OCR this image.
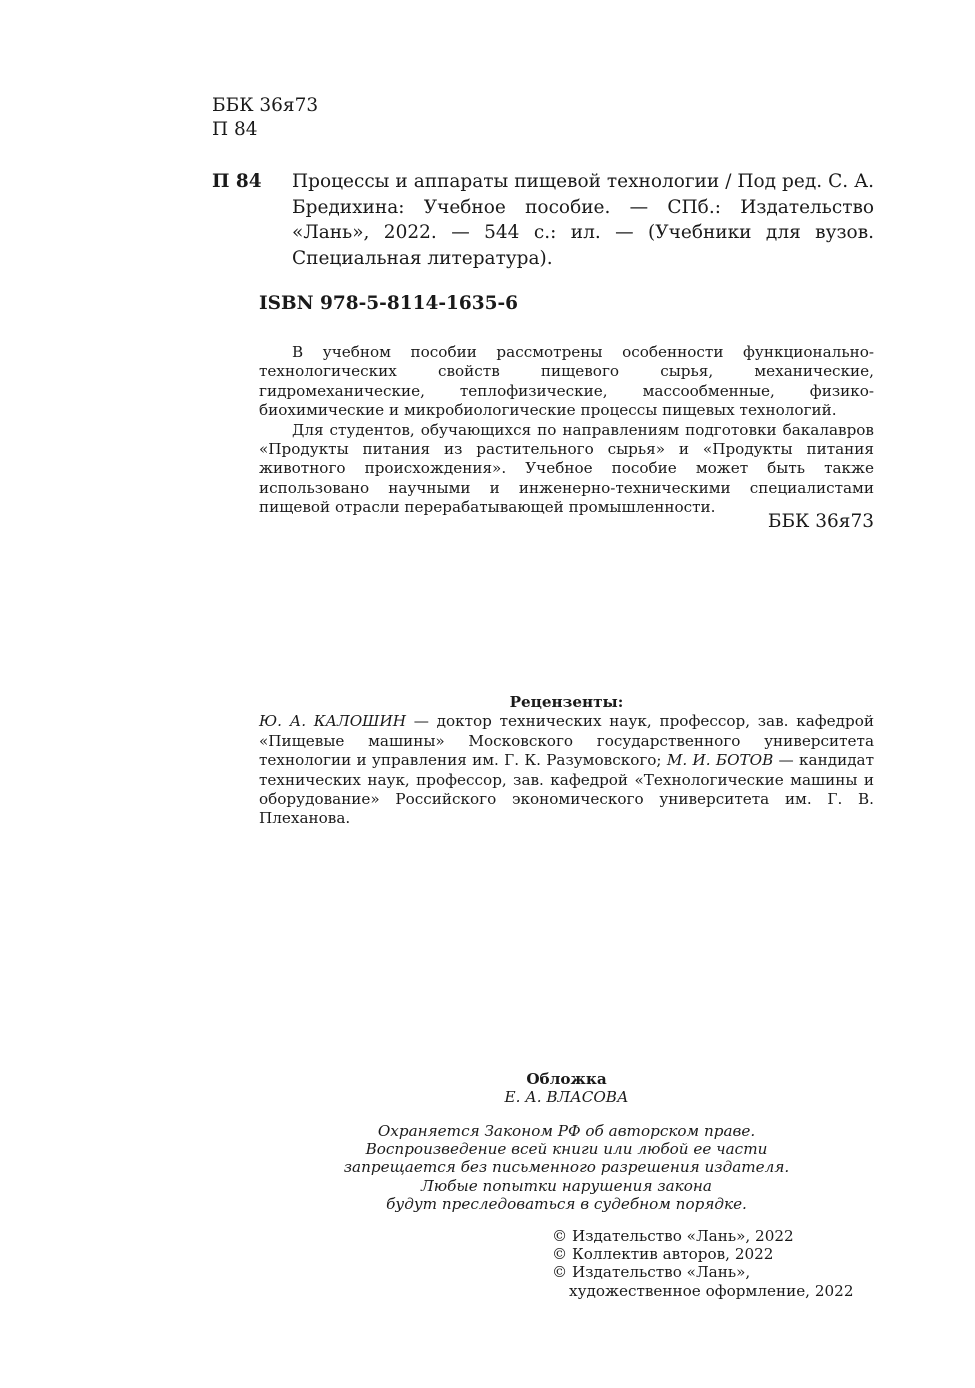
ББК 36я73
П 84
П 84 Процессы и аппараты пищевой технологии / Под ред. С. А. Бредихина: Учебное пособие. — СПб.: Издательство «Лань», 2022. — 544 с.: ил. — (Учебники для вузов. Специальная литература).
ISBN 978-5-8114-1635-6

В учебном пособии рассмотрены особенности функционально-технологических свойств пищевого сырья, механические, гидромеханические, теплофизические, массообменные, физико-биохимические и микробиологические процессы пищевых технологий.

Для студентов, обучающихся по направлениям подготовки бакалавров «Продукты питания из растительного сырья» и «Продукты питания животного происхождения». Учебное пособие может быть также использовано научными и инженерно-техническими специалистами пищевой отрасли перерабатывающей промышленности.

ББК 36я73
Рецензенты:
Ю. А. КАЛОШИН — доктор технических наук, профессор, зав. кафедрой «Пищевые машины» Московского государственного университета технологии и управления им. Г. К. Разумовского; М. И. БОТОВ — кандидат технических наук, профессор, зав. кафедрой «Технологические машины и оборудование» Российского экономического университета им. Г. В. Плеханова.
Обложка
Е. А. ВЛАСОВА
Охраняется Законом РФ об авторском праве.
Воспроизведение всей книги или любой ее части
запрещается без письменного разрешения издателя.
Любые попытки нарушения закона
будут преследоваться в судебном порядке.
© Издательство «Лань», 2022
© Коллектив авторов, 2022
© Издательство «Лань»,
художественное оформление, 2022
